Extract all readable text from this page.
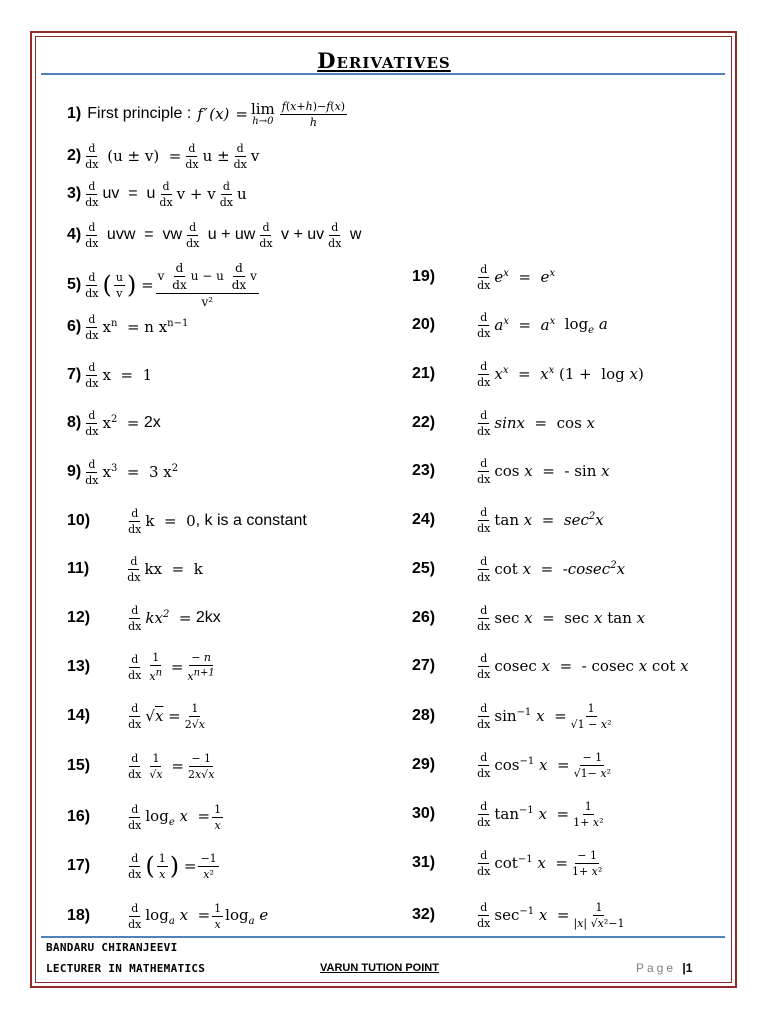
Derivatives
1) First principle : f ′ (x) = lim
$h\to 0 \frac{f(x+h)-f(x)}{h}$
$2) \frac{d}{dx} (u \pm v) = \frac{d}{dx}$ $u \pm \frac{d}{dx}$ v
$3) \frac{d}{dx}$ uv  =  u $\frac{d}{dx}$ v + v $\frac{d}{dx}$ u
$4) \frac{d}{dx}$ uvw  =  vw $\frac{d}{dx}$ u + uw $\frac{d}{dx}$ v + uv $\frac{d}{dx}$ w
$5) \frac{d}{dx}$ ( $\frac{u}{v}$ ) = $\frac{v \frac{d}{dx} u - u \frac{d}{dx} v}{\text{v²}}$
$6) \frac{d}{dx} x^n = n$ $x^{n-1}$
$7) \frac{d}{dx}$ x  =  1
$8) \frac{d}{dx} x^2 = 2x$
$9) \frac{d}{dx} x^3 = 3$ $x^2$
10)	$\frac{d}{dx}$ k  =  0 , k is a constant
11)	$\frac{d}{dx}$ kx  =  k
12)	$\frac{d}{dx} kx^2 = 2kx$
13)	$\frac{d}{dx} \frac{1}{x^n} = \frac{- n}{x^{n+1}}$
14)	$\frac{d}{dx} √x = \frac{1}{2√x}$
15)	$\frac{d}{dx} \frac{1}{√x} = \frac{- 1}{2x√x}$
16)	$\frac{d}{dx} \log_e x = \frac{1}{x}$
17)	$\frac{d}{dx}$ ( $\frac{1}{x}$ ) = $\frac{-1}{\text{x²}}$
18)	$\frac{d}{dx} \log_a x = \frac{1}{x} \log_a e$
19)	$\frac{d}{dx} e^x = e^x$
20)	$\frac{d}{dx} a^x = a^x$ $\log_e a$
21)	$\frac{d}{dx} x^x = x^x$ (1 +  log x)
22)	$\frac{d}{dx}$ sinx =  cos x
23)	$\frac{d}{dx}$ cos x  =  - sin x
24)	$\frac{d}{dx}$ $\tan x = \sec^2x$
25)	$\frac{d}{dx}$ cot x  =  - cosec$^2$x
26)	$\frac{d}{dx}$ sec x  =  sec x tan x
27)	$\frac{d}{dx}$ cosec x  =  - cosec x cot x
28)	$\frac{d}{dx} \sin^{-1} x = \frac{1}{\text{√1 − x²}}$
29)	$\frac{d}{dx} \cos^{-1} x = \frac{- 1}{\text{√1− x²}}$
30)	$\frac{d}{dx} \tan^{-1} x = \frac{1}{\text{1+ x²}}$
31)	$\frac{d}{dx} \cot^{-1} x = \frac{- 1}{\text{1+ x²}}$
32)	$\frac{d}{dx} \sec^{-1} x = \frac{1}{\text{|x| √x²−1}}$
BANDARU CHIRANJEEVI
LECTURER IN MATHEMATICS	VARUN TUTION POINT	Page |1
